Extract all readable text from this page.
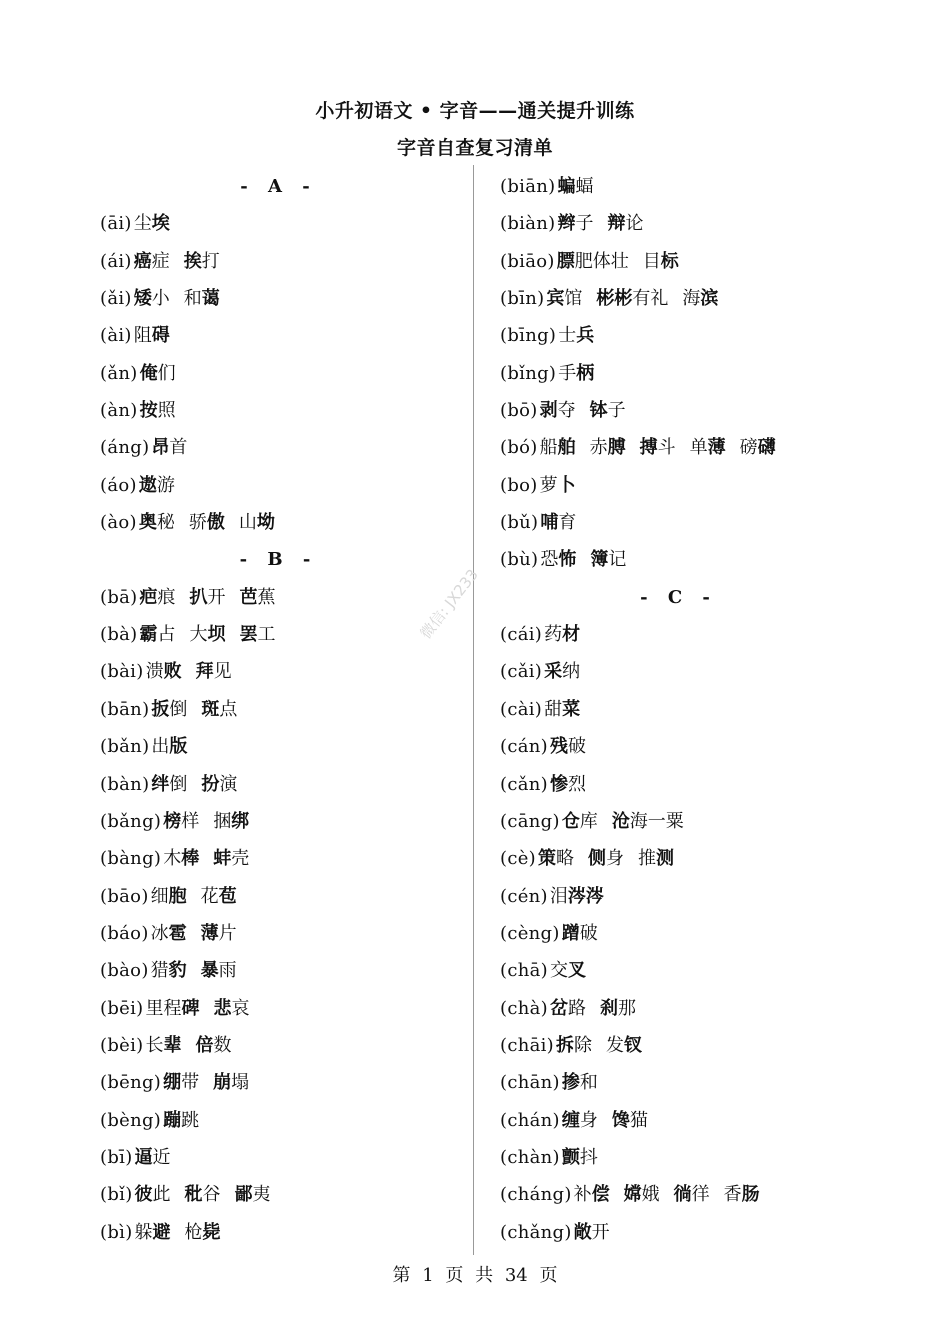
小升初语文 • 字音——通关提升训练
字音自查复习清单
- A -
(āi) 尘埃
(ái) 癌症 挨打
(ǎi) 矮小 和蔼
(ài) 阻碍
(ǎn) 俺们
(àn) 按照
(áng) 昂首
(áo) 遨游
(ào) 奥秘 骄傲 山坳
- B -
(bā) 疤痕 扒开 芭蕉
(bà) 霸占 大坝 罢工
(bài) 溃败 拜见
(bān) 扳倒 斑点
(bǎn) 出版
(bàn) 绊倒 扮演
(bǎng) 榜样 捆绑
(bàng) 木棒 蚌壳
(bāo) 细胞 花苞
(báo) 冰雹 薄片
(bào) 猎豹 暴雨
(bēi) 里程碑 悲哀
(bèi) 长辈 倍数
(bēng) 绷带 崩塌
(bèng) 蹦跳
(bī) 逼近
(bǐ) 彼此 秕谷 鄙夷
(bì) 躲避 枪毙
(biān) 蝙蝠
(biàn) 辫子 辩论
(biāo) 膘肥体壮 目标
(bīn) 宾馆 彬彬有礼 海滨
(bīng) 士兵
(bǐng) 手柄
(bō) 剥夺 钵子
(bó) 船舶 赤膊 搏斗 单薄 磅礴
(bo) 萝卜
(bǔ) 哺育
(bù) 恐怖 簿记
- C -
(cái) 药材
(cǎi) 采纳
(cài) 甜菜
(cán) 残破
(cǎn) 惨烈
(cāng) 仓库 沧海一粟
(cè) 策略 侧身 推测
(cén) 泪涔涔
(cèng) 蹭破
(chā) 交叉
(chà) 岔路 刹那
(chāi) 拆除 发钗
(chān) 掺和
(chán) 缠身 馋猫
(chàn) 颤抖
(cháng) 补偿 嫦娥 徜徉 香肠
(chǎng) 敞开
微信: JX233
第 1 页 共 34 页
